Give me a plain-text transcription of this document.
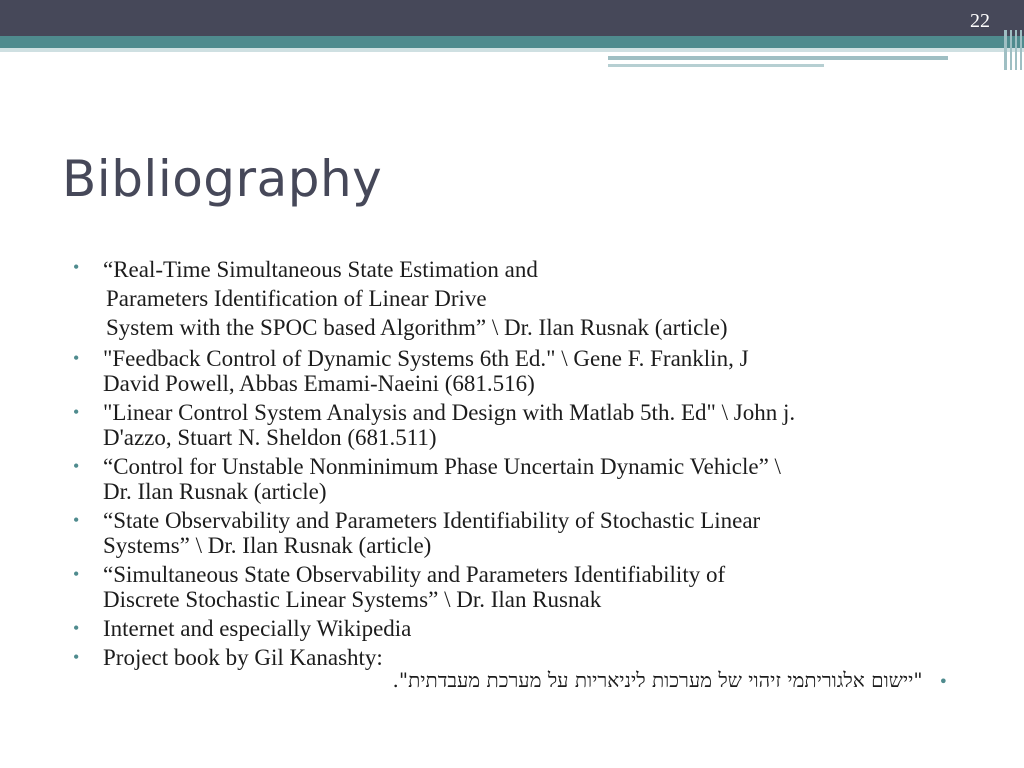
22
Bibliography
• “Real-Time Simultaneous State Estimation and
Parameters Identification of Linear Drive
System with the SPOC based Algorithm” \ Dr. Ilan Rusnak (article)
• "Feedback Control of Dynamic Systems 6th Ed." \ Gene F. Franklin, J
David Powell, Abbas Emami-Naeini (681.516)
• "Linear Control System Analysis and Design with Matlab 5th. Ed" \ John j.
D'azzo, Stuart N. Sheldon (681.511)
• “Control for Unstable Nonminimum Phase Uncertain Dynamic Vehicle” \
Dr. Ilan Rusnak (article)
• “State Observability and Parameters Identifiability of Stochastic Linear
Systems” \ Dr. Ilan Rusnak (article)
• “Simultaneous State Observability and Parameters Identifiability of
Discrete Stochastic Linear Systems” \ Dr. Ilan Rusnak
• Internet and especially Wikipedia
• Project book by Gil Kanashty:
•"יישום אלגוריתמי זיהוי של מערכות ליניאריות על מערכת מעבדתית".
